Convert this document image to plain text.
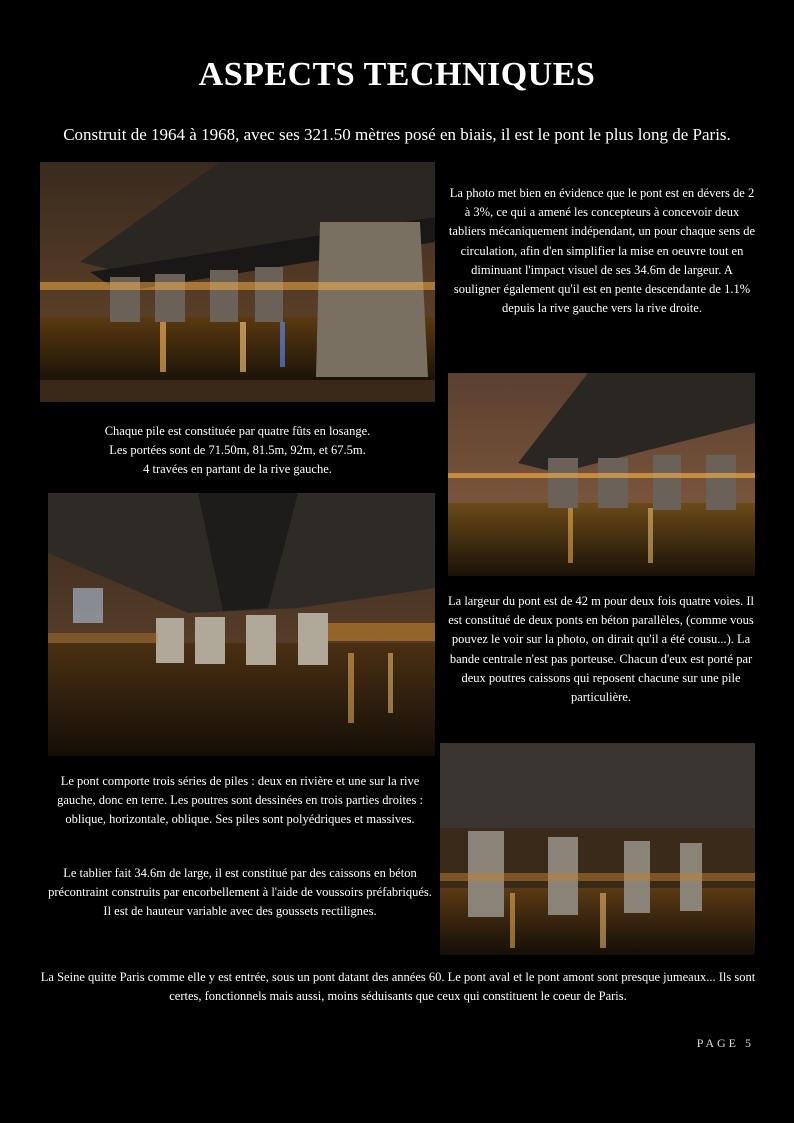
ASPECTS TECHNIQUES
Construit de 1964 à 1968, avec ses 321.50 mètres posé en biais, il est le pont le plus long de Paris.
La photo met bien en évidence que le pont est en dévers de 2 à 3%, ce qui a amené les concepteurs à concevoir deux tabliers mécaniquement indépendant, un pour chaque sens de circulation, afin d'en simplifier la mise en oeuvre tout en diminuant l'impact visuel de ses 34.6m de largeur. A souligner également qu'il est en pente descendante de 1.1% depuis la rive gauche vers la rive droite.
Chaque pile est constituée par quatre fûts en losange.
Les portées sont de 71.50m, 81.5m, 92m, et 67.5m.
4 travées en partant de la rive gauche.
La largeur du pont est de 42 m pour deux fois quatre voies. Il est constitué de deux ponts en béton parallèles, (comme vous pouvez le voir sur la photo, on dirait qu'il a été cousu...). La bande centrale n'est pas porteuse. Chacun d'eux est porté par deux poutres caissons qui reposent chacune sur une pile particulière.
Le pont comporte trois séries de piles : deux en rivière et une sur la rive gauche, donc en terre. Les poutres sont dessinées en trois parties droites : oblique, horizontale, oblique. Ses piles sont polyédriques et massives.
Le tablier fait 34.6m de large, il est constitué par des caissons en béton précontraint construits par encorbellement à l'aide de voussoirs préfabriqués. Il est de hauteur variable avec des goussets rectilignes.
La Seine quitte Paris comme elle y est entrée, sous un pont datant des années 60. Le pont aval et le pont amont sont presque jumeaux... Ils sont certes, fonctionnels mais aussi, moins séduisants que ceux qui constituent le coeur de Paris.
PAGE 5
